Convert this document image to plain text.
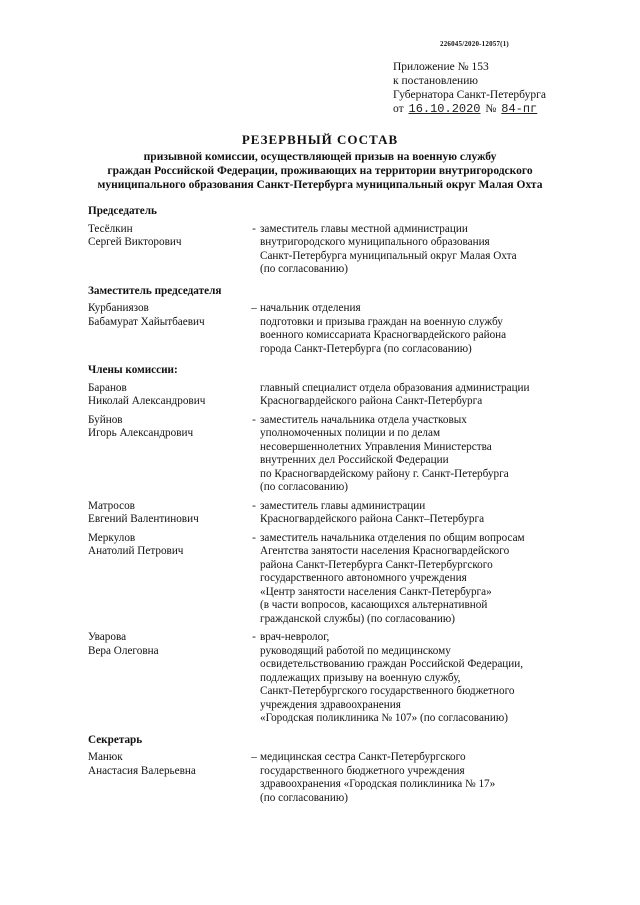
226045/2020-12057(1)
Приложение № 153
к постановлению
Губернатора Санкт-Петербурга
от 16.10.2020 № 84-пг
РЕЗЕРВНЫЙ СОСТАВ
призывной комиссии, осуществляющей призыв на военную службу
граждан Российской Федерации, проживающих на территории внутригородского
муниципального образования Санкт-Петербурга муниципальный округ Малая Охта
Председатель
Тесёлкин
Сергей Викторович
- заместитель главы местной администрации
внутригородского муниципального образования
Санкт-Петербурга муниципальный округ Малая Охта
(по согласованию)
Заместитель председателя
Курбаниязов
Бабамурат Хайытбаевич
– начальник отделения
подготовки и призыва граждан на военную службу
военного комиссариата Красногвардейского района
города Санкт-Петербурга (по согласованию)
Члены комиссии:
Баранов
Николай Александрович
главный специалист отдела образования администрации
Красногвардейского района Санкт-Петербурга
Буйнов
Игорь Александрович
- заместитель начальника отдела участковых
уполномоченных полиции и по делам
несовершеннолетних Управления Министерства
внутренних дел Российской Федерации
по Красногвардейскому району г. Санкт-Петербурга
(по согласованию)
Матросов
Евгений Валентинович
- заместитель главы администрации
Красногвардейского района Санкт–Петербурга
Меркулов
Анатолий Петрович
- заместитель начальника отделения по общим вопросам
Агентства занятости населения Красногвардейского
района Санкт-Петербурга Санкт-Петербургского
государственного автономного учреждения
«Центр занятости населения Санкт-Петербурга»
(в части вопросов, касающихся альтернативной
гражданской службы) (по согласованию)
Уварова
Вера Олеговна
- врач-невролог,
руководящий работой по медицинскому
освидетельствованию граждан Российской Федерации,
подлежащих призыву на военную службу,
Санкт-Петербургского государственного бюджетного
учреждения здравоохранения
«Городская поликлиника № 107» (по согласованию)
Секретарь
Манюк
Анастасия Валерьевна
– медицинская сестра Санкт-Петербургского
государственного бюджетного учреждения
здравоохранения «Городская поликлиника № 17»
(по согласованию)
